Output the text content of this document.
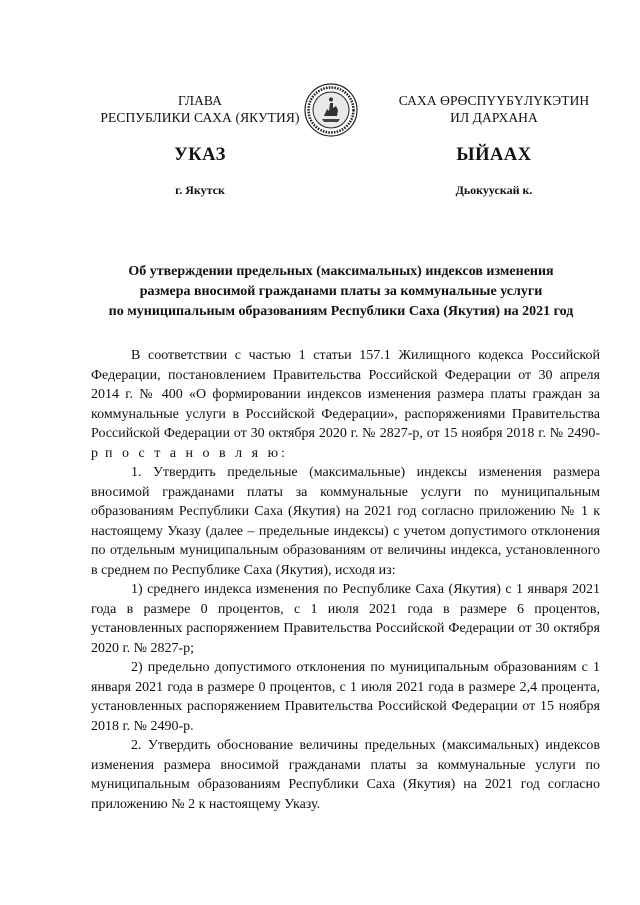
ГЛАВА
РЕСПУБЛИКИ САХА (ЯКУТИЯ)
САХА ӨРӨСПҮҮБҮЛҮКЭТИН
ИЛ ДАРХАНА
УКАЗ	ЫЙААХ
г. Якутск	Дьокуускай к.
Об утверждении предельных (максимальных) индексов изменения
размера вносимой гражданами платы за коммунальные услуги
по муниципальным образованиям Республики Саха (Якутия) на 2021 год

В соответствии с частью 1 статьи 157.1 Жилищного кодекса Российской Федерации, постановлением Правительства Российской Федерации от 30 апреля 2014 г. № 400 «О формировании индексов изменения размера платы граждан за коммунальные услуги в Российской Федерации», распоряжениями Правительства Российской Федерации от 30 октября 2020 г. № 2827-р, от 15 ноября 2018 г. № 2490-р п о с т а н о в л я ю:

1. Утвердить предельные (максимальные) индексы изменения размера вносимой гражданами платы за коммунальные услуги по муниципальным образованиям Республики Саха (Якутия) на 2021 год согласно приложению № 1 к настоящему Указу (далее – предельные индексы) с учетом допустимого отклонения по отдельным муниципальным образованиям от величины индекса, установленного в среднем по Республике Саха (Якутия), исходя из:

1) среднего индекса изменения по Республике Саха (Якутия) с 1 января 2021 года в размере 0 процентов, с 1 июля 2021 года в размере 6 процентов, установленных распоряжением Правительства Российской Федерации от 30 октября 2020 г. № 2827-р;

2) предельно допустимого отклонения по муниципальным образованиям с 1 января 2021 года в размере 0 процентов, с 1 июля 2021 года в размере 2,4 процента, установленных распоряжением Правительства Российской Федерации от 15 ноября 2018 г. № 2490-р.

2. Утвердить обоснование величины предельных (максимальных) индексов изменения размера вносимой гражданами платы за коммунальные услуги по муниципальным образованиям Республики Саха (Якутия) на 2021 год согласно приложению № 2 к настоящему Указу.
